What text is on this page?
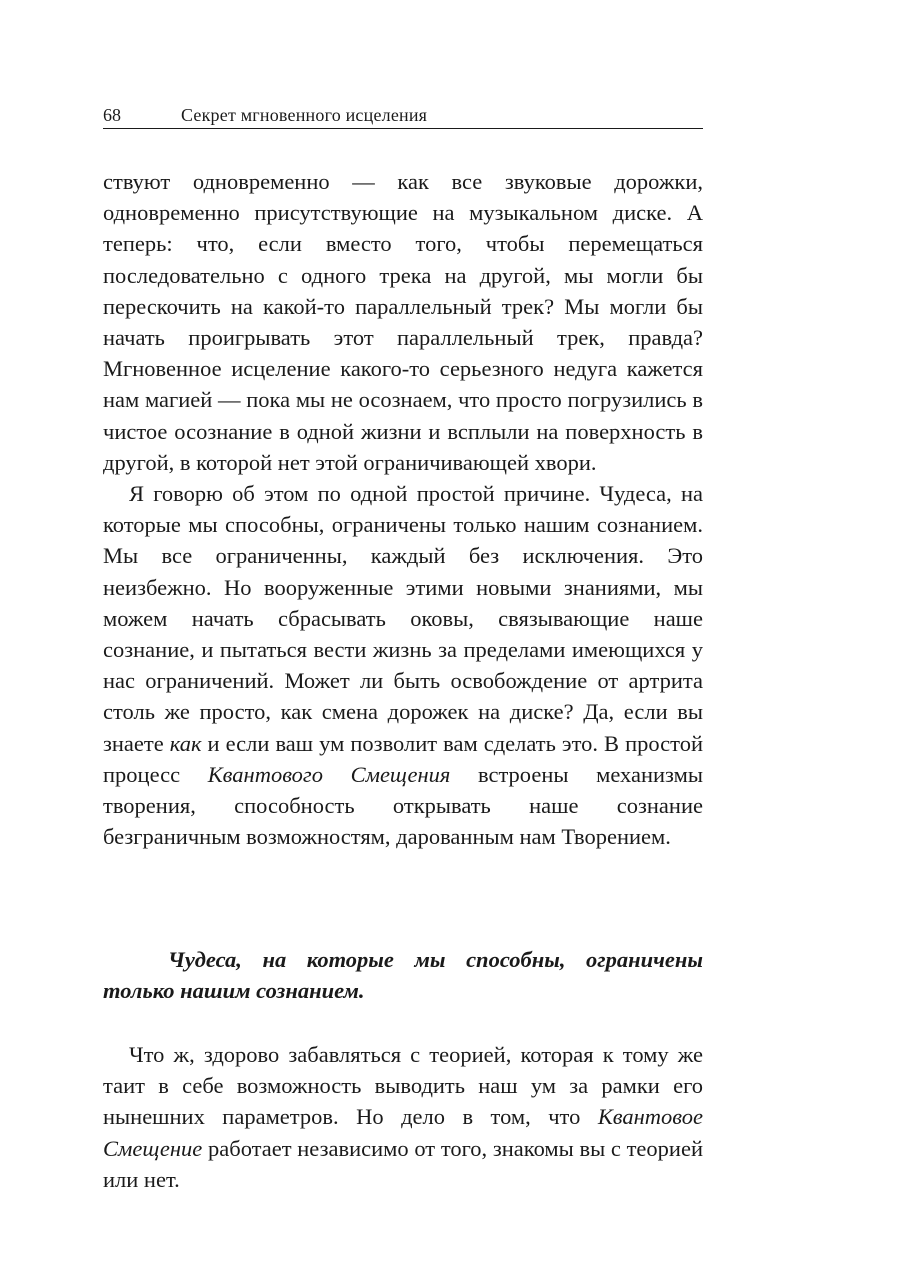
68	Секрет мгновенного исцеления

ствуют одновременно — как все звуковые дорожки, одновременно присутствующие на музыкальном диске. А теперь: что, если вместо того, чтобы перемещаться последовательно с одного трека на другой, мы могли бы перескочить на какой-то параллельный трек? Мы могли бы начать проигрывать этот параллельный трек, правда? Мгновенное исцеление какого-то серьезного недуга кажется нам магией — пока мы не осознаем, что просто погрузились в чистое осознание в одной жизни и всплыли на поверхность в другой, в которой нет этой ограничивающей хвори.

Я говорю об этом по одной простой причине. Чудеса, на которые мы способны, ограничены только нашим сознанием. Мы все ограниченны, каждый без исключения. Это неизбежно. Но вооруженные этими новыми знаниями, мы можем начать сбрасывать оковы, связывающие наше сознание, и пытаться вести жизнь за пределами имеющихся у нас ограничений. Может ли быть освобождение от артрита столь же просто, как смена дорожек на диске? Да, если вы знаете как и если ваш ум позволит вам сделать это. В простой процесс Квантового Смещения встроены механизмы творения, способность открывать наше сознание безграничным возможностям, дарованным нам Творением.

Чудеса, на которые мы способны, ограничены только нашим сознанием.

Что ж, здорово забавляться с теорией, которая к тому же таит в себе возможность выводить наш ум за рамки его нынешних параметров. Но дело в том, что Квантовое Смещение работает независимо от того, знакомы вы с теорией или нет.
